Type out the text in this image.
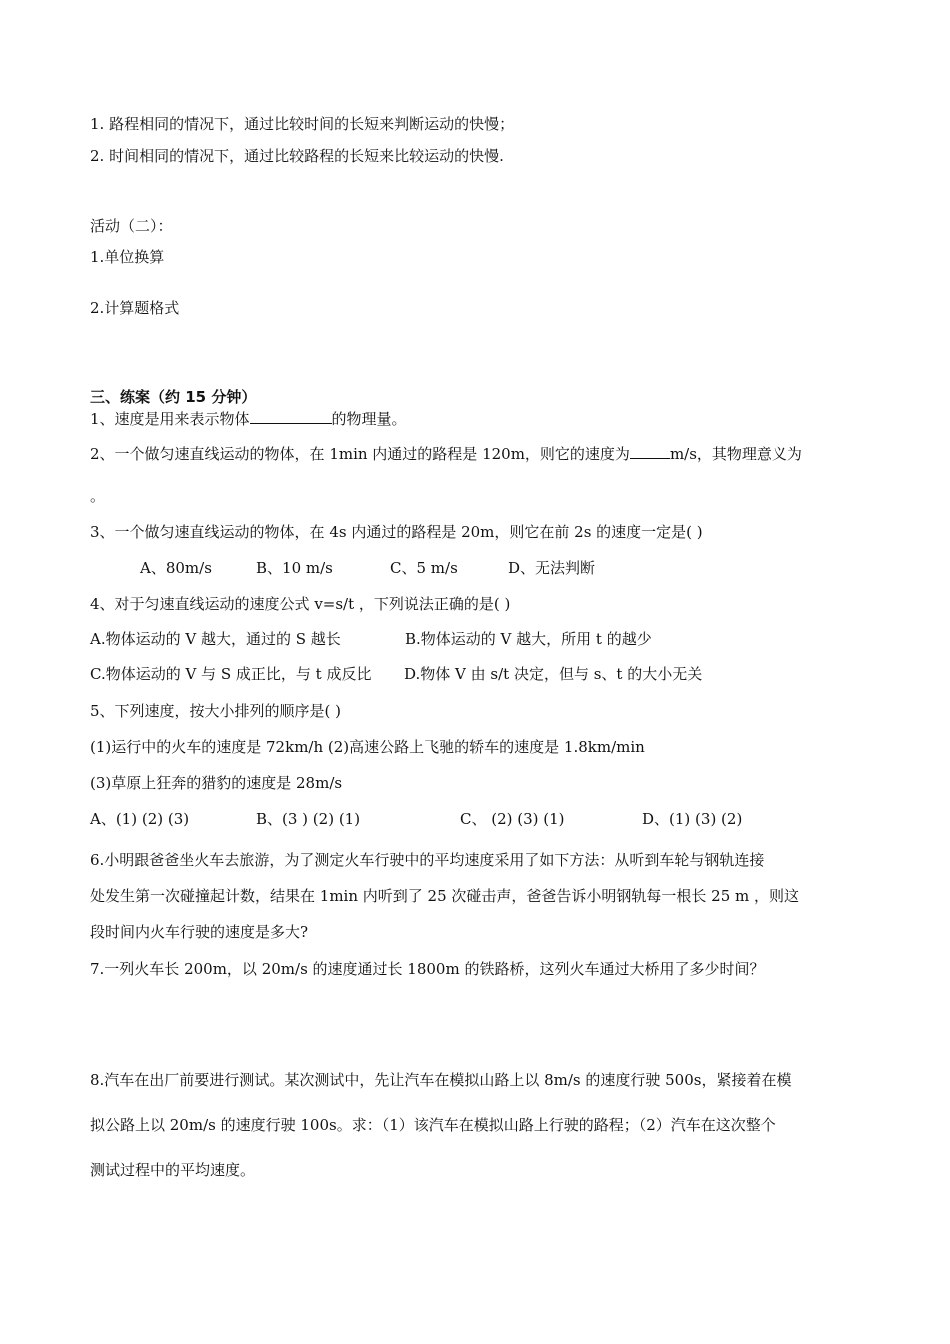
1. 路程相同的情况下，通过比较时间的长短来判断运动的快慢；
2. 时间相同的情况下，通过比较路程的长短来比较运动的快慢.
活动（二）：
1.单位换算
2.计算题格式
三、练案（约 15 分钟）
1、速度是用来表示物体	的物理量。
2、一个做匀速直线运动的物体，在 1min 内通过的路程是 120m，则它的速度为	m/s，其物理意义为
。
3、一个做匀速直线运动的物体，在 4s 内通过的路程是 20m，则它在前 2s 的速度一定是( )
A、80m/s	B、10 m/s	C、5 m/s	D、无法判断
4、对于匀速直线运动的速度公式 v=s/t ，下列说法正确的是( )
A.物体运动的 V 越大，通过的 S 越长	B.物体运动的 V 越大，所用 t 的越少
C.物体运动的 V 与 S 成正比，与 t 成反比 D.物体 V 由 s/t 决定，但与 s、t 的大小无关
5、下列速度，按大小排列的顺序是( )
(1)运行中的火车的速度是 72km/h (2)高速公路上飞驰的轿车的速度是 1.8km/min
(3)草原上狂奔的猎豹的速度是 28m/s
A、(1) (2) (3)	B、(3 ) (2) (1)	C、 (2) (3) (1)	D、(1) (3) (2)
6.小明跟爸爸坐火车去旅游，为了测定火车行驶中的平均速度采用了如下方法：从听到车轮与钢轨连接
处发生第一次碰撞起计数，结果在 1min 内听到了 25 次碰击声，爸爸告诉小明钢轨每一根长 25 m ，则这
段时间内火车行驶的速度是多大?
7.一列火车长 200m，以 20m/s 的速度通过长 1800m 的铁路桥，这列火车通过大桥用了多少时间？
8.汽车在出厂前要进行测试。某次测试中，先让汽车在模拟山路上以 8m/s 的速度行驶 500s，紧接着在模
拟公路上以 20m/s 的速度行驶 100s。求：（1）该汽车在模拟山路上行驶的路程；（2）汽车在这次整个
测试过程中的平均速度。
